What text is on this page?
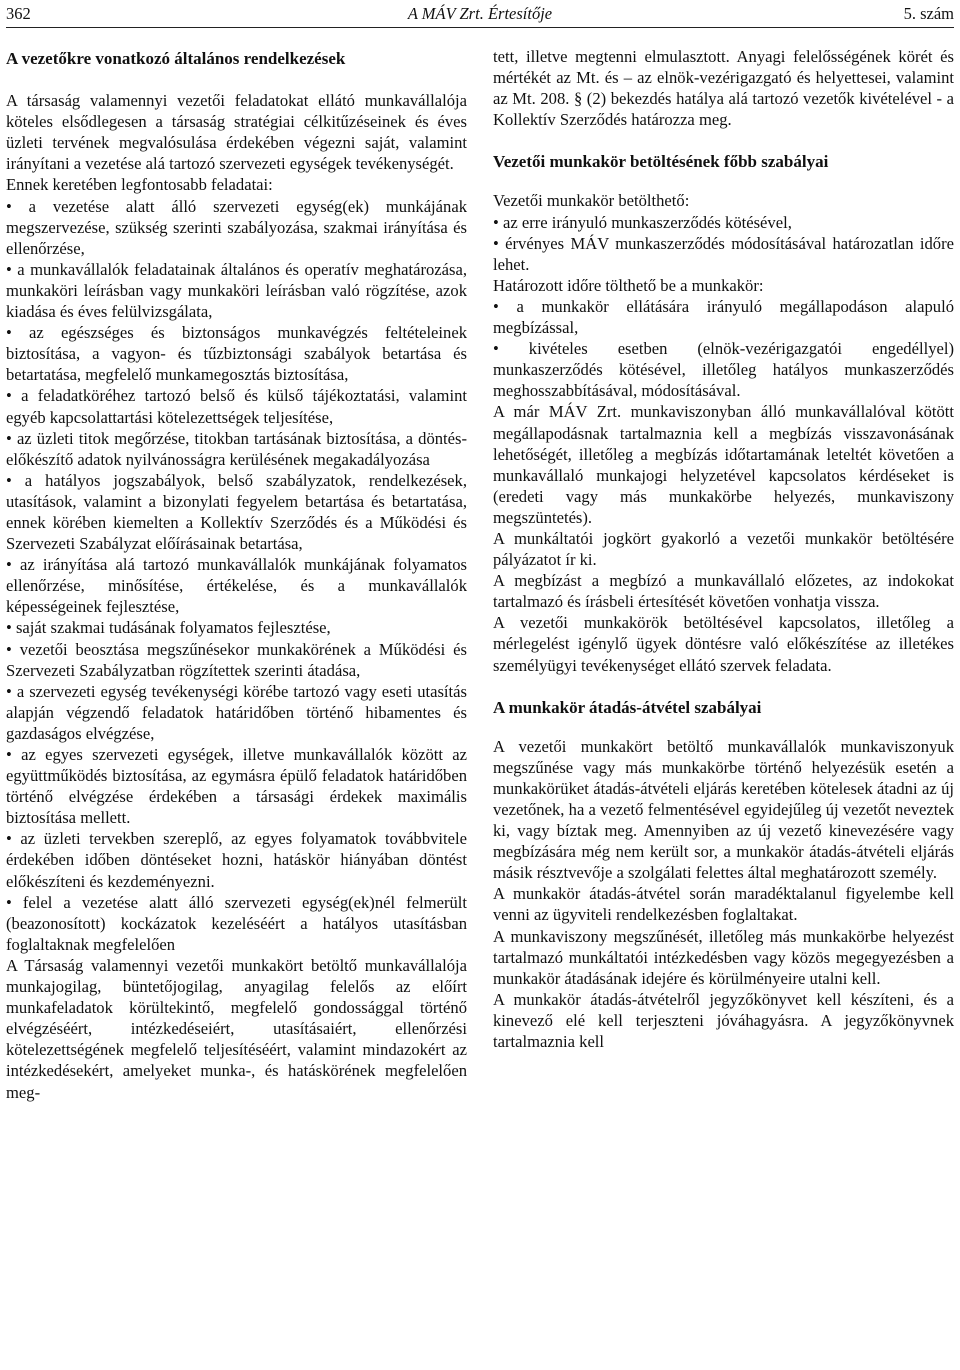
362	A MÁV Zrt. Értesítője	5. szám
A vezetőkre vonatkozó általános rendelkezések

A társaság valamennyi vezetői feladatokat ellátó munkavállalója köteles elsődlegesen a társaság stratégiai célkitűzéseinek és éves üzleti tervének megvalósulása érdekében végezni saját, valamint irányítani a vezetése alá tartozó szervezeti egységek tevékenységét.

Ennek keretében legfontosabb feladatai:

• a vezetése alatt álló szervezeti egység(ek) munkájának megszervezése, szükség szerinti szabályozása, szakmai irányítása és ellenőrzése,

• a munkavállalók feladatainak általános és operatív meghatározása, munkaköri leírásban vagy munkaköri leírásban való rögzítése, azok kiadása és éves felülvizsgálata,

• az egészséges és biztonságos munkavégzés feltételeinek biztosítása, a vagyon- és tűzbiztonsági szabályok betartása és betartatása, megfelelő munkamegosztás biztosítása,

• a feladatköréhez tartozó belső és külső tájékoztatási, valamint egyéb kapcsolattartási kötelezettségek teljesítése,

• az üzleti titok megőrzése, titokban tartásának biztosítása, a döntés-előkészítő adatok nyilvánosságra kerülésének megakadályozása

• a hatályos jogszabályok, belső szabályzatok, rendelkezések, utasítások, valamint a bizonylati fegyelem betartása és betartatása, ennek körében kiemelten a Kollektív Szerződés és a Működési és Szervezeti Szabályzat előírásainak betartása,

• az irányítása alá tartozó munkavállalók munkájának folyamatos ellenőrzése, minősítése, értékelése, és a munkavállalók képességeinek fejlesztése,

• saját szakmai tudásának folyamatos fejlesztése,

• vezetői beosztása megszűnésekor munkakörének a Működési és Szervezeti Szabályzatban rögzítettek szerinti átadása,

• a szervezeti egység tevékenységi körébe tartozó vagy eseti utasítás alapján végzendő feladatok határidőben történő hibamentes és gazdaságos elvégzése,

• az egyes szervezeti egységek, illetve munkavállalók között az együttműködés biztosítása, az egymásra épülő feladatok határidőben történő elvégzése érdekében a társasági érdekek maximális biztosítása mellett.

• az üzleti tervekben szereplő, az egyes folyamatok továbbvitele érdekében időben döntéseket hozni, hatáskör hiányában döntést előkészíteni és kezdeményezni.

• felel a vezetése alatt álló szervezeti egység(ek)nél felmerült (beazonosított) kockázatok kezeléséért a hatályos utasításban foglaltaknak megfelelően

A Társaság valamennyi vezetői munkakört betöltő munkavállalója munkajogilag, büntetőjogilag, anyagilag felelős az előírt munkafeladatok körültekintő, megfelelő gondossággal történő elvégzéséért, intézkedéseiért, utasításaiért, ellenőrzési kötelezettségének megfelelő teljesítéséért, valamint mindazokért az intézkedésekért, amelyeket munka-, és hatáskörének megfelelően meg-

tett, illetve megtenni elmulasztott. Anyagi felelősségének körét és mértékét az Mt. és – az elnök-vezérigazgató és helyettesei, valamint az Mt. 208. § (2) bekezdés hatálya alá tartozó vezetők kivételével - a Kollektív Szerződés határozza meg.

Vezetői munkakör betöltésének főbb szabályai

Vezetői munkakör betölthető:

• az erre irányuló munkaszerződés kötésével,

• érvényes MÁV munkaszerződés módosításával határozatlan időre lehet.

Határozott időre tölthető be a munkakör:

• a munkakör ellátására irányuló megállapodáson alapuló megbízással,

• kivételes esetben (elnök-vezérigazgatói engedéllyel) munkaszerződés kötésével, illetőleg hatályos munkaszerződés meghosszabbításával, módosításával.

A már MÁV Zrt. munkaviszonyban álló munkavállalóval kötött megállapodásnak tartalmaznia kell a megbízás visszavonásának lehetőségét, illetőleg a megbízás időtartamának leteltét követően a munkavállaló munkajogi helyzetével kapcsolatos kérdéseket is (eredeti vagy más munkakörbe helyezés, munkaviszony megszüntetés).

A munkáltatói jogkört gyakorló a vezetői munkakör betöltésére pályázatot ír ki.

A megbízást a megbízó a munkavállaló előzetes, az indokokat tartalmazó és írásbeli értesítését követően vonhatja vissza.

A vezetői munkakörök betöltésével kapcsolatos, illetőleg a mérlegelést igénylő ügyek döntésre való előkészítése az illetékes személyügyi tevékenységet ellátó szervek feladata.

A munkakör átadás-átvétel szabályai

A vezetői munkakört betöltő munkavállalók munkaviszonyuk megszűnése vagy más munkakörbe történő helyezésük esetén a munkakörüket átadás-átvételi eljárás keretében kötelesek átadni az új vezetőnek, ha a vezető felmentésével egyidejűleg új vezetőt neveztek ki, vagy bíztak meg. Amennyiben az új vezető kinevezésére vagy megbízására még nem került sor, a munkakör átadás-átvételi eljárás másik résztvevője a szolgálati felettes által meghatározott személy.

A munkakör átadás-átvétel során maradéktalanul figyelembe kell venni az ügyviteli rendelkezésben foglaltakat.

A munkaviszony megszűnését, illetőleg más munkakörbe helyezést tartalmazó munkáltatói intézkedésben vagy közös megegyezésben a munkakör átadásának idejére és körülményeire utalni kell.

A munkakör átadás-átvételről jegyzőkönyvet kell készíteni, és a kinevező elé kell terjeszteni jóváhagyásra. A jegyzőkönyvnek tartalmaznia kell
